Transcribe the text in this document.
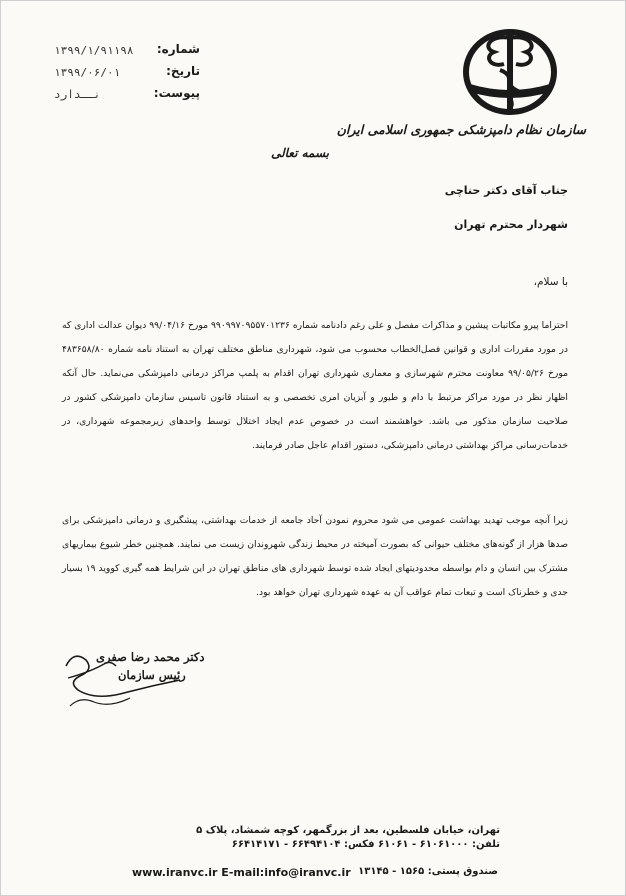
شماره:
۱۳۹۹/۱/۹۱۱۹۸
تاریخ:
۱۳۹۹/۰۶/۰۱
پیوست:
نــدارد
سازمان نظام دامپزشکی جمهوری اسلامی ایران
بسمه تعالی
جناب آقای دکتر حناچی
شهردار محترم تهران
با سلام،
احتراما پیرو مکاتبات پیشین و مذاکرات مفصل و علی رغم دادنامه شماره ۹۹۰۹۹۷۰۹۵۵۷۰۱۲۳۶ مورخ ۹۹/۰۴/۱۶ دیوان عدالت اداری که در مورد مقررات اداری و قوانین فصل‌الخطاب محسوب می شود، شهرداری مناطق مختلف تهران به استناد نامه شماره ۴۸۳۶۵۸/۸۰ مورخ ۹۹/۰۵/۲۶ معاونت محترم شهرسازی و معماری شهرداری تهران اقدام به پلمپ مراکز درمانی دامپزشکی می‌نماید. حال آنکه اظهار نظر در مورد مراکز مرتبط با دام و طیور و آبزیان امری تخصصی و به استناد قانون تاسیس سازمان دامپزشکی کشور در صلاحیت سازمان مذکور می باشد. خواهشمند است در خصوص عدم ایجاد اختلال توسط واحدهای زیرمجموعه شهرداری، در خدمات‌رسانی مراکز بهداشتی درمانی دامپزشکی، دستور اقدام عاجل صادر فرمایند.
زیرا آنچه موجب تهدید بهداشت عمومی می شود محروم نمودن آحاد جامعه از خدمات بهداشتی، پیشگیری و درمانی دامپزشکی برای صدها هزار از گونه‌های مختلف حیوانی که بصورت آمیخته در محیط زندگی شهروندان زیست می نمایند. همچنین خطر شیوع بیماریهای مشترک بین انسان و دام بواسطه محدودیتهای ایجاد شده توسط شهرداری های مناطق تهران در این شرایط همه گیری کووید ۱۹ بسیار جدی و خطرناک است و تبعات تمام عواقب آن به عهده شهرداری تهران خواهد بود.
دکتر محمد رضا صفری
رئیس سازمان
تهران، خیابان فلسطین، بعد از بزرگمهر، کوچه شمشاد، پلاک ۵
تلفن: ۶۱۰۶۱۰۰۰ - ۶۱۰۶۱ فکس: ۶۶۴۹۴۱۰۴ - ۶۶۴۱۴۱۷۱
www.iranvc.ir E-mail:info@iranvc.ir صندوق پستی: ۱۵۶۵ - ۱۳۱۴۵
